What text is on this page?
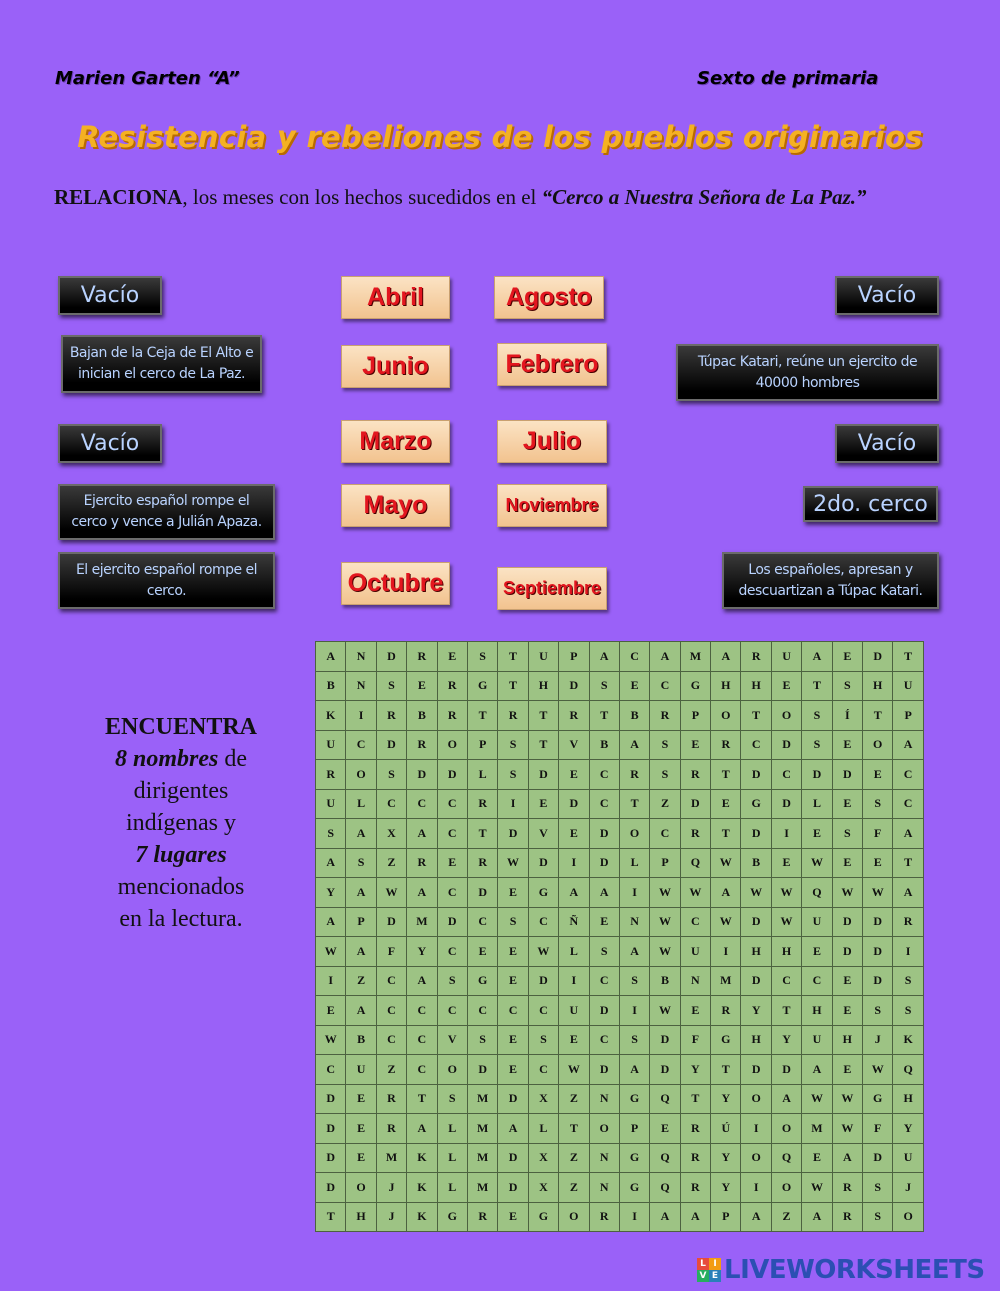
Marien Garten “A”	Sexto de primaria
Resistencia y rebeliones de los pueblos originarios
RELACIONA, los meses con los hechos sucedidos en el “Cerco a Nuestra Señora de La Paz.”
Vacío
Bajan de la Ceja de El Alto e inician el cerco de La Paz.
Vacío
Ejercito español rompe el cerco y vence a Julián Apaza.
El ejercito español rompe el cerco.
Abril
Junio
Marzo
Mayo
Octubre
Agosto
Febrero
Julio
Noviembre
Septiembre
Vacío
Túpac Katari, reúne un ejercito de 40000 hombres
Vacío
2do. cerco
Los españoles, apresan y descuartizan a Túpac Katari.
ENCUENTRA
8 nombres de
dirigentes
indígenas y
7 lugares
mencionados
en la lectura.
A	N	D	R	E	S	T	U	P	A	C	A	M	A	R	U	A	E	D	T
B	N	S	E	R	G	T	H	D	S	E	C	G	H	H	E	T	S	H	U
K	I	R	B	R	T	R	T	R	T	B	R	P	O	T	O	S	Í	T	P
U	C	D	R	O	P	S	T	V	B	A	S	E	R	C	D	S	E	O	A
R	O	S	D	D	L	S	D	E	C	R	S	R	T	D	C	D	D	E	C
U	L	C	C	C	R	I	E	D	C	T	Z	D	E	G	D	L	E	S	C
S	A	X	A	C	T	D	V	E	D	O	C	R	T	D	I	E	S	F	A
A	S	Z	R	E	R	W	D	I	D	L	P	Q	W	B	E	W	E	E	T
Y	A	W	A	C	D	E	G	A	A	I	W	W	A	W	W	Q	W	W	A
A	P	D	M	D	C	S	C	Ñ	E	N	W	C	W	D	W	U	D	D	R
W	A	F	Y	C	E	E	W	L	S	A	W	U	I	H	H	E	D	D	I
I	Z	C	A	S	G	E	D	I	C	S	B	N	M	D	C	C	E	D	S
E	A	C	C	C	C	C	C	U	D	I	W	E	R	Y	T	H	E	S	S
W	B	C	C	V	S	E	S	E	C	S	D	F	G	H	Y	U	H	J	K
C	U	Z	C	O	D	E	C	W	D	A	D	Y	T	D	D	A	E	W	Q
D	E	R	T	S	M	D	X	Z	N	G	Q	T	Y	O	A	W	W	G	H
D	E	R	A	L	M	A	L	T	O	P	E	R	Ú	I	O	M	W	F	Y
D	E	M	K	L	M	D	X	Z	N	G	Q	R	Y	O	Q	E	A	D	U
D	O	J	K	L	M	D	X	Z	N	G	Q	R	Y	I	O	W	R	S	J
T	H	J	K	G	R	E	G	O	R	I	A	A	P	A	Z	A	R	S	O
L I
V E LIVEWORKSHEETS
